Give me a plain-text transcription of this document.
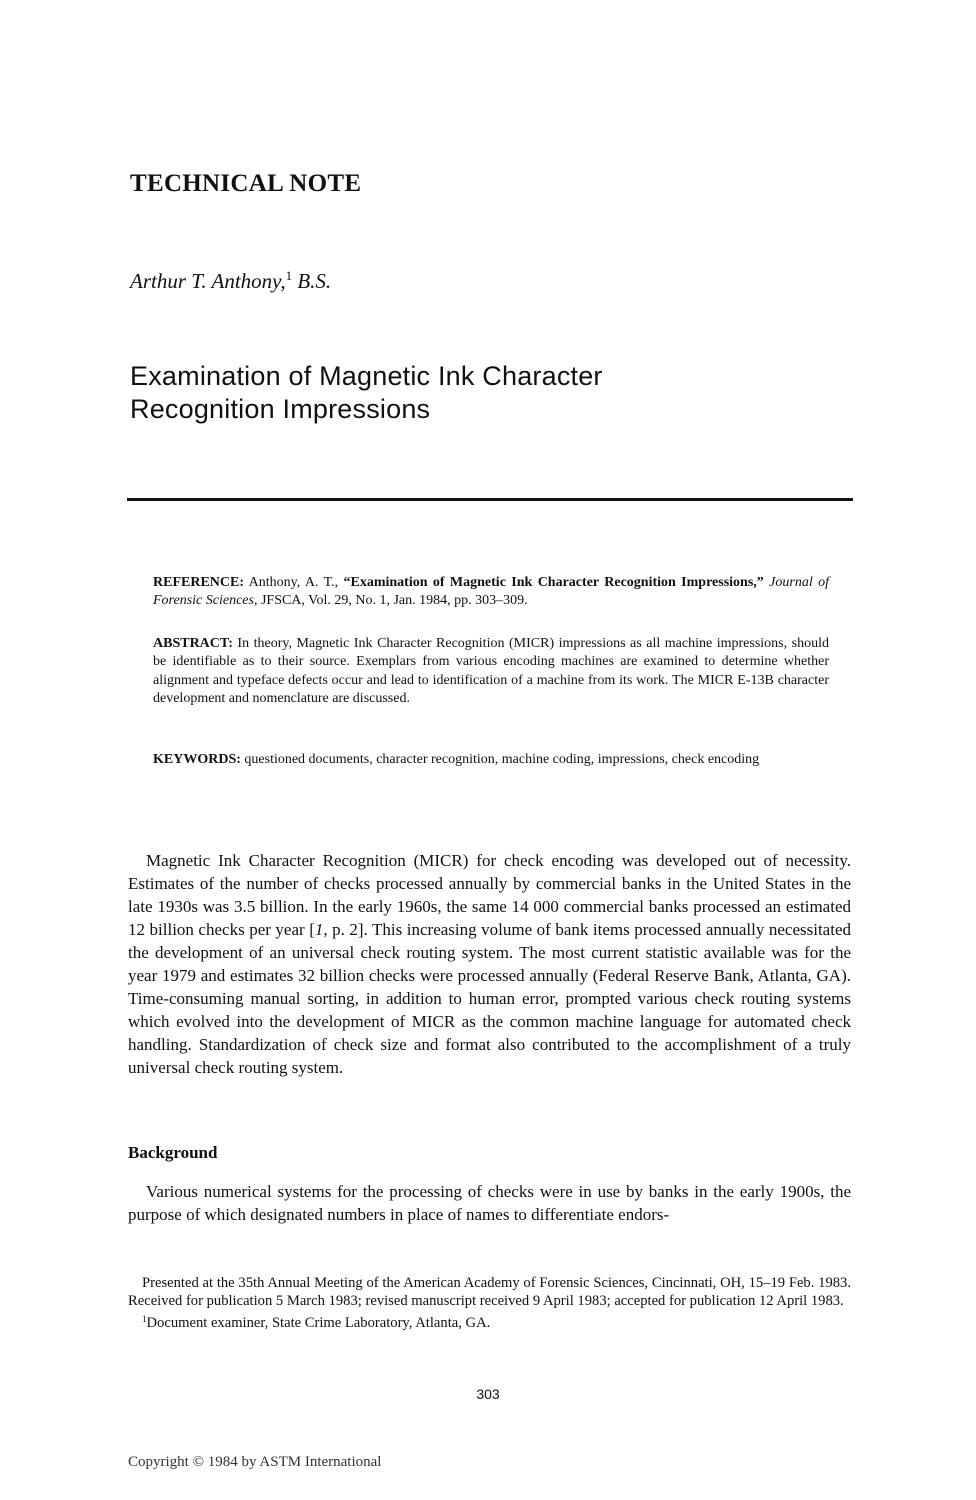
TECHNICAL NOTE
Arthur T. Anthony,$^1$ B.S.
Examination of Magnetic Ink Character
Recognition Impressions
REFERENCE: Anthony, A. T., “Examination of Magnetic Ink Character Recognition Impressions,” Journal of Forensic Sciences, JFSCA, Vol. 29, No. 1, Jan. 1984, pp. 303–309.
ABSTRACT: In theory, Magnetic Ink Character Recognition (MICR) impressions as all machine impressions, should be identifiable as to their source. Exemplars from various encoding machines are examined to determine whether alignment and typeface defects occur and lead to identification of a machine from its work. The MICR E-13B character development and nomenclature are discussed.
KEYWORDS: questioned documents, character recognition, machine coding, impressions, check encoding

Magnetic Ink Character Recognition (MICR) for check encoding was developed out of necessity. Estimates of the number of checks processed annually by commercial banks in the United States in the late 1930s was 3.5 billion. In the early 1960s, the same 14 000 commercial banks processed an estimated 12 billion checks per year [1, p. 2]. This increasing volume of bank items processed annually necessitated the development of an universal check routing system. The most current statistic available was for the year 1979 and estimates 32 billion checks were processed annually (Federal Reserve Bank, Atlanta, GA). Time-consuming manual sorting, in addition to human error, prompted various check routing systems which evolved into the development of MICR as the common machine language for automated check handling. Standardization of check size and format also contributed to the accomplishment of a truly universal check routing system.

Background

Various numerical systems for the processing of checks were in use by banks in the early 1900s, the purpose of which designated numbers in place of names to differentiate endors-

Presented at the 35th Annual Meeting of the American Academy of Forensic Sciences, Cincinnati, OH, 15–19 Feb. 1983. Received for publication 5 March 1983; revised manuscript received 9 April 1983; accepted for publication 12 April 1983.

$^1$Document examiner, State Crime Laboratory, Atlanta, GA.

303
Copyright © 1984 by ASTM International
